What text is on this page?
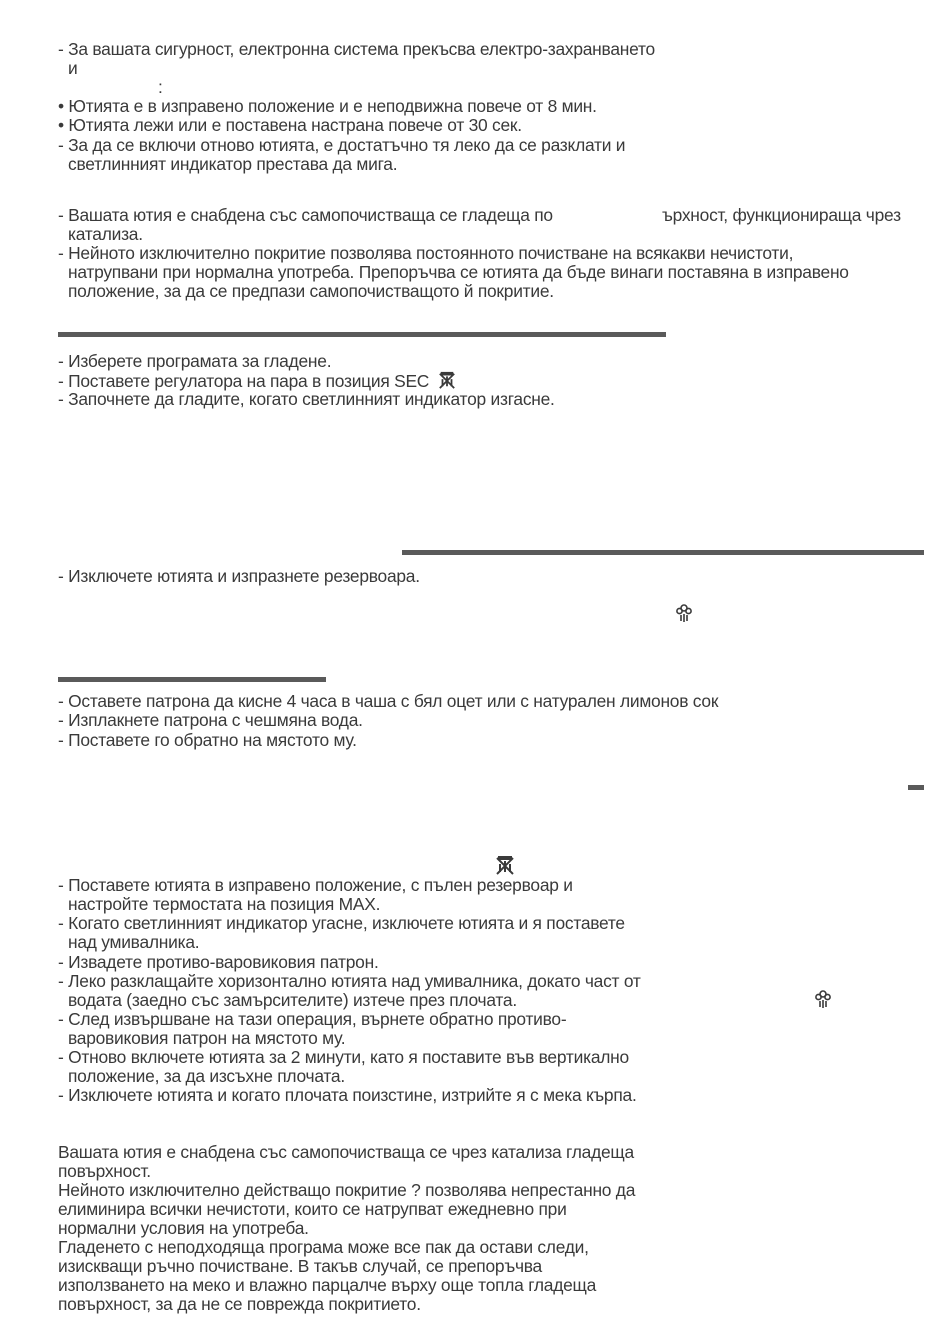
- За вашата сигурност, електронна система прекъсва електро-захранването
и
:
• Ютията е в изправено положение и е неподвижна повече от 8 мин.
• Ютията лежи или е поставена настрана повече от 30 сек.
- За да се включи отново ютията, е достатъчно тя леко да се разклати и
светлинният индикатор престава да мига.
- Вашата ютия е снабдена със самопочистваща се гладеща по	ърхност, функционираща чрез
катализа.
- Нейното изключително покритие позволява постоянното почистване на всякакви нечистоти,
натрупвани при нормална употреба. Препоръчва се ютията да бъде винаги поставяна в изправено
положение, за да се предпази самопочистващото й покритие.
- Изберете програмата за гладене.
- Поставете регулатора на пара в позиция SEC
- Започнете да гладите, когато светлинният индикатор изгасне.
- Изключете ютията и изпразнете резервоара.
- Оставете патрона да кисне 4 часа в чаша с бял оцет или с натурален лимонов сок
- Изплакнете патрона с чешмяна вода.
- Поставете го обратно на мястото му.
- Поставете ютията в изправено положение, с пълен резервоар и
настройте термостата на позиция MAX.
- Когато светлинният индикатор угасне, изключете ютията и я поставете
над умивалника.
- Извадете противо-варовиковия патрон.
- Леко разклащайте хоризонтално ютията над умивалника, докато част от
водата (заедно със замърсителите) изтече през плочата.
- След извършване на тази операция, върнете обратно противо-
варовиковия патрон на мястото му.
- Отново включете ютията за 2 минути, като я поставите във вертикално
положение, за да изсъхне плочата.
- Изключете ютията и когато плочата поизстине, изтрийте я с мека кърпа.
Вашата ютия е снабдена със самопочистваща се чрез катализа гладеща
повърхност.
Нейното изключително действащо покритие ? позволява непрестанно да
елиминира всички нечистоти, които се натрупват ежедневно при
нормални условия на употреба.
Гладенето с неподходяща програма може все пак да остави следи,
изискващи ръчно почистване. В такъв случай, се препоръчва
използването на меко и влажно парцалче върху още топла гладеща
повърхност, за да не се поврежда покритието.
